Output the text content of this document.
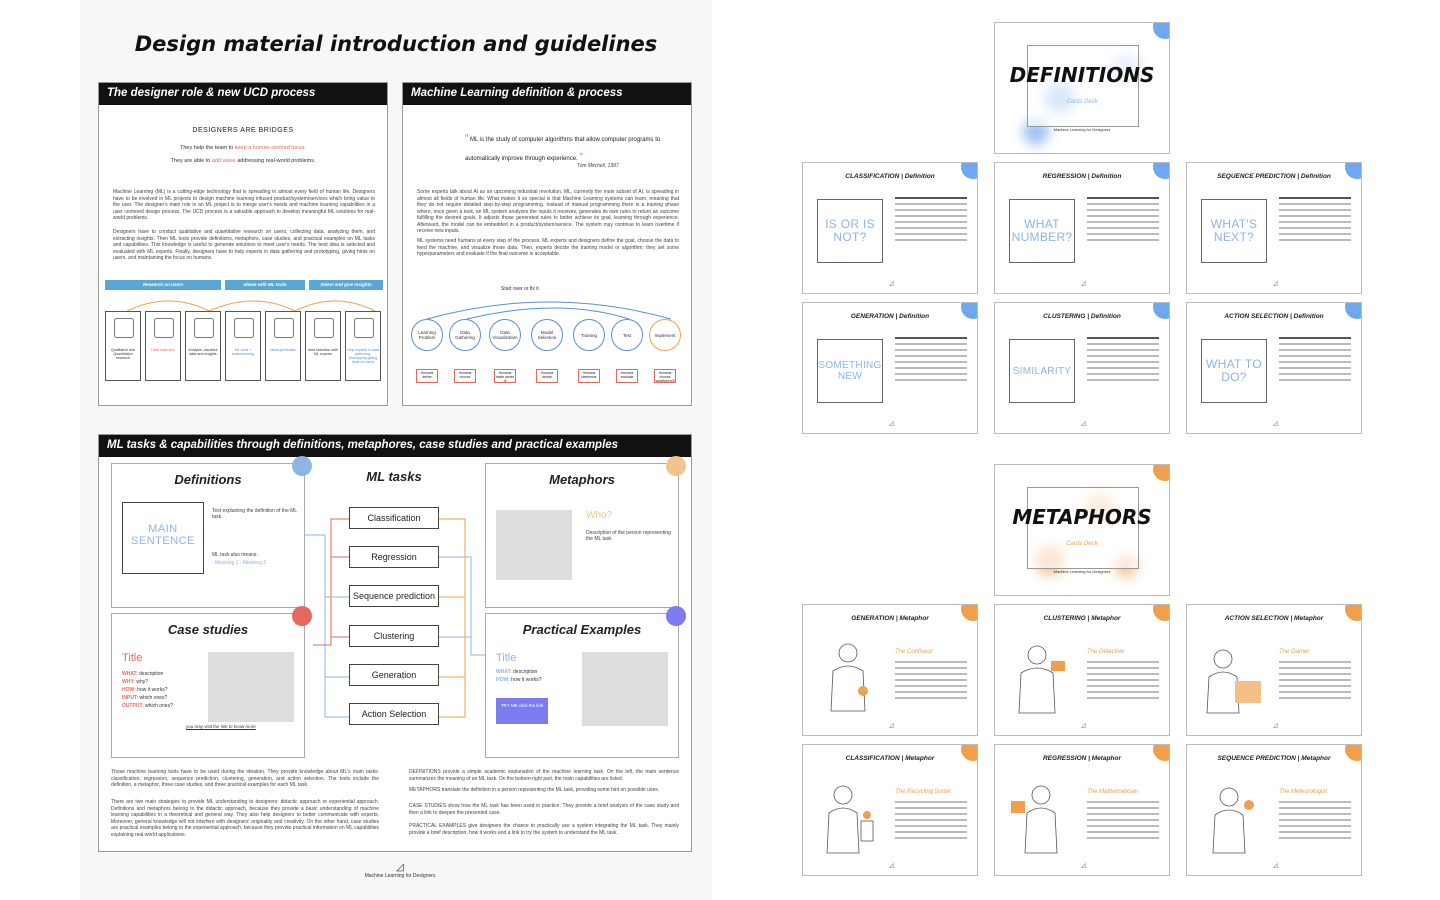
Design material introduction and guidelines
The designer role & new UCD process
DESIGNERS ARE BRIDGES
They help the team to keep a human-centred focus.
They are able to add value addressing real-world problems.
Machine Learning (ML) is a cutting-edge technology that is spreading in almost every field of human life. Designers have to be involved in ML projects to design machine learning infused product/system/services which bring value to the user. The designer's main role in an ML project is to merge user's needs and machine learning capabilities in a user centered design process. The UCD process is a valuable approach to develop meaningful ML solutions for real-world problems.
Designers have to conduct qualitative and quantitative research on users, collecting data, analyzing them, and extracting insights. Then ML tools provide definitions, metaphors, case studies, and practical examples on ML tasks and capabilities. This knowledge is useful to generate solutions to meet user's needs. The best idea is selected and evaluated with ML experts. Finally, designers have to help experts in data gathering and prototyping, giving hints on users, and maintaining the focus on humans.
Research on users	Ideate with ML tools	Select and give insights
Qualitative and Quantitative research
Data collection	Analysis, visualize data and insights
ML tools + brainstorming
Ideas generation	Idea selection with ML experts
Help experts in data gathering, prototyping giving hints on users
Machine Learning definition & process
“ ML is the study of computer algorithms that allow computer programs to automatically improve through experience. ”
Tom Mitchell, 1997
Some experts talk about AI as an upcoming industrial revolution. ML, currently the main subset of AI, is spreading in almost all fields of human life. What makes it so special is that Machine Learning systems can learn, meaning that they do not require detailed step-by-step programming. Instead of manual programming there is a training phase where, once given a task, an ML system analyzes the inputs it receives, generates its own rules to return an outcome fulfilling the desired goals. It adjusts those generated rules to better achieve its goal, learning through experience. Afterward, the model can be embedded in a product/system/service. The system may continue to learn overtime if receive new inputs.
ML systems need humans at every step of the process. ML experts and designers define the goal, choose the data to feed the machine, and visualize those data. Then, experts decide the training model or algorithm; they set some hyperparameters and evaluate if the final outcome is acceptable.
Start over or fix it
Learning Problem
Data Gathering
Data Visualization
Model Selection	Training	Test	Implement
Humans define
Humans choose
Humans make sense of
Humans decide
Humans determine
Humans evaluate
Humans choose what/when/if
ML tasks & capabilities through definitions, metaphores, case studies and practical examples
Definitions
MAIN SENTENCE
Text explaining the definition of the ML task.
ML task also means:
- Meaning 1 - Meaning 2
ML tasks
Classification
Regression
Sequence prediction
Clustering
Generation
Action Selection
Metaphors
Who?
Description of the person representing the ML task
Case studies
Title
WHAT: description
WHY: why?
HOW: how it works?
INPUT: which ones?
OUTPUT: which ones?
you may visit the link to know more
Practical Examples
Title
WHAT: description
HOW: how it works?
TRY ME click the link
Those machine learning tools have to be used during the ideation. They provide knowledge about ML's main tasks: classification, regression, sequence prediction, clustering, generation, and action selection. The tools include the definition, a metaphor, three case studies, and three practical examples for each ML task.
There are two main strategies to provide ML understanding to designers: didactic approach or experiential approach. Definitions and metaphors belong to the didactic approach, because they provide a basic understanding of machine learning capabilities in a theoretical and general way. They also help designers to better communicate with experts. Moreover, general knowledge will not interfere with designers' originality and creativity. On the other hand, case studies are practical examples belong to the experiential approach, because they provide practical information on ML capabilities explaining real-world applications.
DEFINITIONS provide a simple academic explanation of the machine learning task. On the left, the main sentence summarizes the meaning of an ML task. On the bottom-right part, the main capabilities are listed.
METAPHORS translate the definition in a person representing the ML task, providing some hint on possible uses.
CASE STUDIES show how the ML task has been used in practice. They provide a brief analysis of the case study and then a link to deepen the presented case.
PRACTICAL EXAMPLES give designers the chance to practically use a system integrating the ML task. They mainly provide a brief description, how it works and a link to try the system to understand the ML task.
◿
Machine Learning for Designers
DEFINITIONS
Cards Deck
Machine Learning for Designers
CLASSIFICATION | Definition
IS OR IS NOT?
◿
REGRESSION | Definition
WHAT NUMBER?
◿
SEQUENCE PREDICTION | Definition
WHAT'S NEXT?
◿
GENERATION | Definition
SOMETHING NEW
◿
CLUSTERING | Definition
SIMILARITY
◿
ACTION SELECTION | Definition
WHAT TO DO?
◿
METAPHORS
Cards Deck
Machine Learning for Designers
GENERATION | Metaphor
The Confiseur
◿
CLUSTERING | Metaphor
The Detective
◿
ACTION SELECTION | Metaphor
The Gamer
◿
CLASSIFICATION | Metaphor
The Recycling Sorter
◿
REGRESSION | Metaphor
The Mathematician
◿
SEQUENCE PREDICTION | Metaphor
The Meteorologist
◿
